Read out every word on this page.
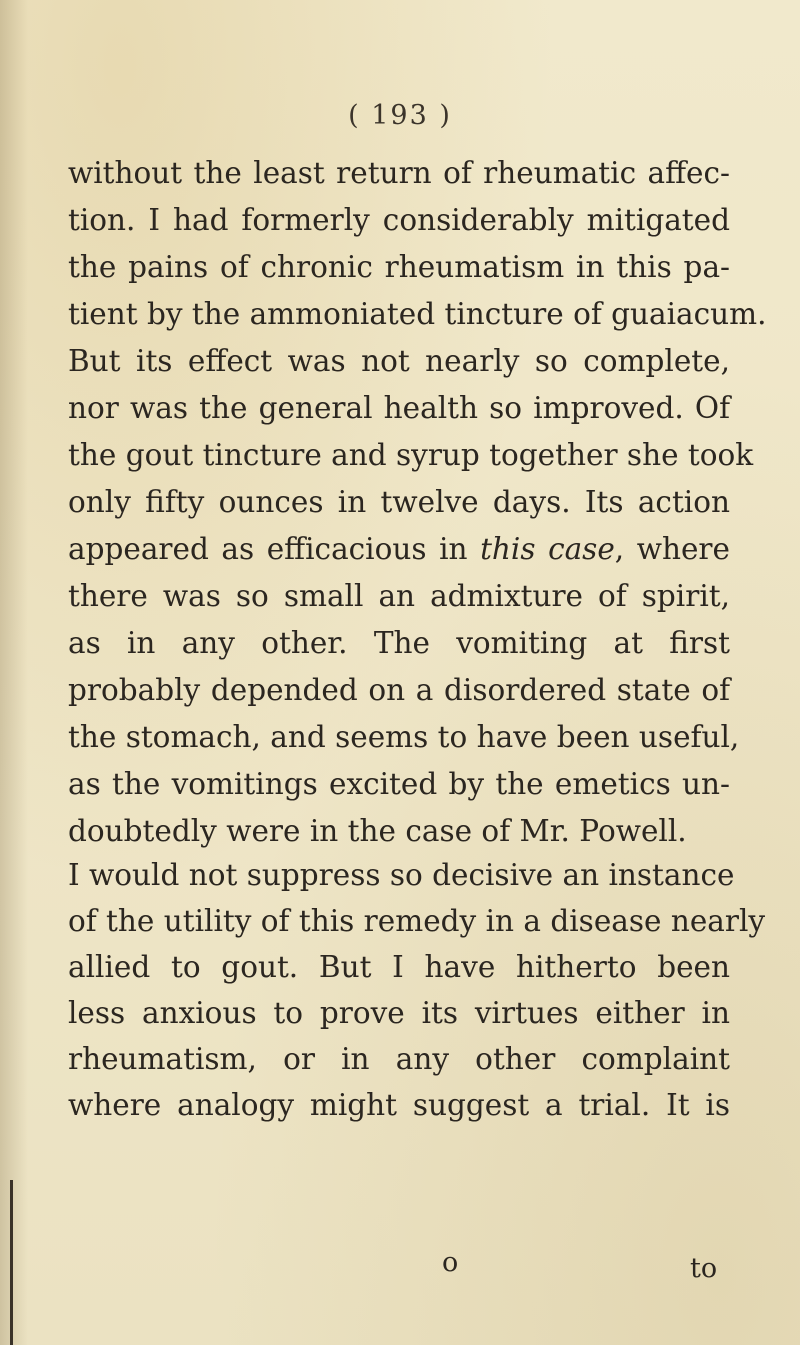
( 193 )
without the least return of rheumatic affec-
tion. I had formerly considerably mitigated
the pains of chronic rheumatism in this pa-
tient by the ammoniated tincture of guaiacum.
But its effect was not nearly so complete,
nor was the general health so improved. Of
the gout tincture and syrup together she took
only fifty ounces in twelve days. Its action
appeared as efficacious in this case, where
there was so small an admixture of spirit,
as in any other. The vomiting at first
probably depended on a disordered state of
the stomach, and seems to have been useful,
as the vomitings excited by the emetics un-
doubtedly were in the case of Mr. Powell.
I would not suppress so decisive an instance
of the utility of this remedy in a disease nearly
allied to gout. But I have hitherto been
less anxious to prove its virtues either in
rheumatism, or in any other complaint
where analogy might suggest a trial. It is
o	to
